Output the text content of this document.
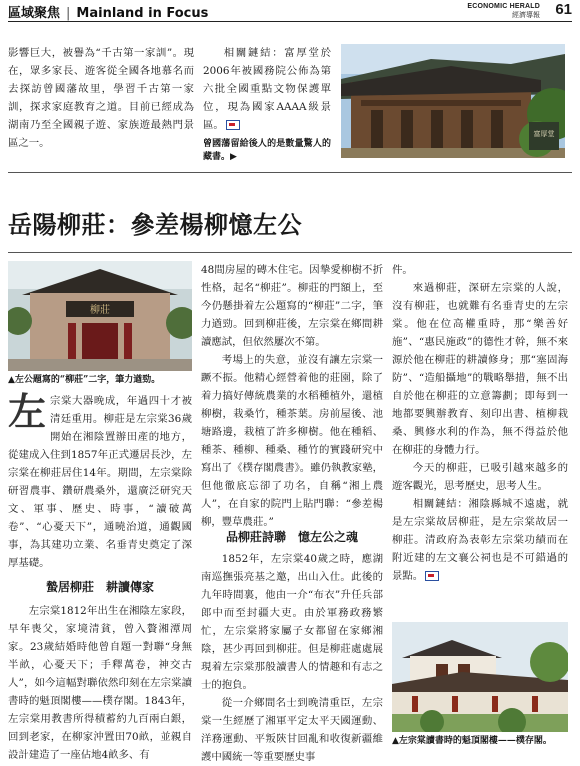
區域聚焦 | Mainland in Focus	ECONOMIC HERALD
經濟導報 61

影響巨大，被譽為“千古第一家訓”。現在，眾多家長、遊客從全國各地慕名而去探訪曾國藩故里，學習千古第一家訓，探求家庭教育之道。目前已經成為湖南乃至全國親子遊、家族遊最熱門景區之一。

相關鏈結：富厚堂於2006年被國務院公佈為第六批全國重點文物保護單位，現為國家AAAA級景區。

曾國藩留給後人的是數量驚人的藏書。▶
富厚堂
岳陽柳莊：參差楊柳憶左公
柳莊
▲左公題寫的“柳莊”二字，筆力遒勁。

左宗棠大器晚成，年過四十才被清廷重用。柳莊是左宗棠36歲開始在湘陰置辦田產的地方，從建成入住到1857年正式遷居長沙，左宗棠在柳莊居住14年。期間，左宗棠除研習農事、鑽研農桑外，還廣泛研究天文、軍事、歷史、時事，“讀破萬卷”、“心憂天下”，通曉治道，通觀國事，為其建功立業、名垂青史奠定了深厚基礎。

蟄居柳莊　耕讀傳家

左宗棠1812年出生在湘陰左家段，早年喪父，家境清貧，曾入贅湘潭周家。23歲結婚時他曾自題一對聯“身無半畝，心憂天下；手釋萬卷，神交古人”，如今這幅對聯依然印刻在左宗棠讀書時的魁頂閣樓——樸存閣。1843年，左宗棠用教書所得積蓄約九百兩白銀，回到老家，在柳家沖置田70畝，並親自設計建造了一座佔地4畝多、有

48間房屋的磚木住宅。因摯愛柳樹不折性格，起名“柳莊”。柳莊的門額上，至今仍懸掛着左公題寫的“柳莊”二字，筆力遒勁。回到柳莊後，左宗棠在鄉間耕讀應試，但依然屢次不第。

考場上的失意，並沒有讓左宗棠一蹶不振。他精心經營着他的莊園，除了着力搞好傳統農業的水稻種植外，還植柳樹，栽桑竹，種茶葉。房前屋後、池塘路邊，栽植了許多柳樹。他在種稻、種茶、種柳、種桑、種竹的實踐研究中寫出了《樸存閣農書》。雖仍執教家塾，但他徹底忘卻了功名，自稱“湘上農人”，在自家的院門上貼門聯：“參差楊柳，豐草農莊。”

品柳莊詩聯　憶左公之魂

1852年，左宗棠40歲之時，應湖南巡撫張亮基之邀，出山入仕。此後的九年時間裏，他由一介“布衣”升任兵部郎中而至封疆大吏。由於軍務政務繁忙，左宗棠將家屬子女都留在家鄉湘陰，甚少再回到柳莊。但是柳莊處處展現着左宗棠那般讀書人的情趣和有志之士的抱負。

從一介鄉間名士到晚清重臣，左宗棠一生經歷了湘軍平定太平天國運動、洋務運動、平叛陝甘回亂和收復新疆維護中國統一等重要歷史事

件。

來過柳莊，深研左宗棠的人說，沒有柳莊，也就難有名垂青史的左宗棠。他在位高權重時，那“樂善好施”、“惠民施政”的德性才幹，無不來源於他在柳莊的耕讀修身；那“塞固海防”、“造船攝地”的戰略舉措，無不出自於他在柳莊的立意籌劃；即每到一地都要興辦教育、刻印出書、植柳栽桑、興修水利的作為，無不得益於他在柳莊的身體力行。

今天的柳莊，已吸引越來越多的遊客觀光，思考歷史，思考人生。

相關鏈結：湘陰縣城不遠處，就是左宗棠故居柳莊，是左宗棠故居一柳莊。清政府為表彰左宗棠功績而在附近建的左文襄公祠也是不可錯過的景點。

▲左宗棠讀書時的魁頂閣樓——樸存閣。
